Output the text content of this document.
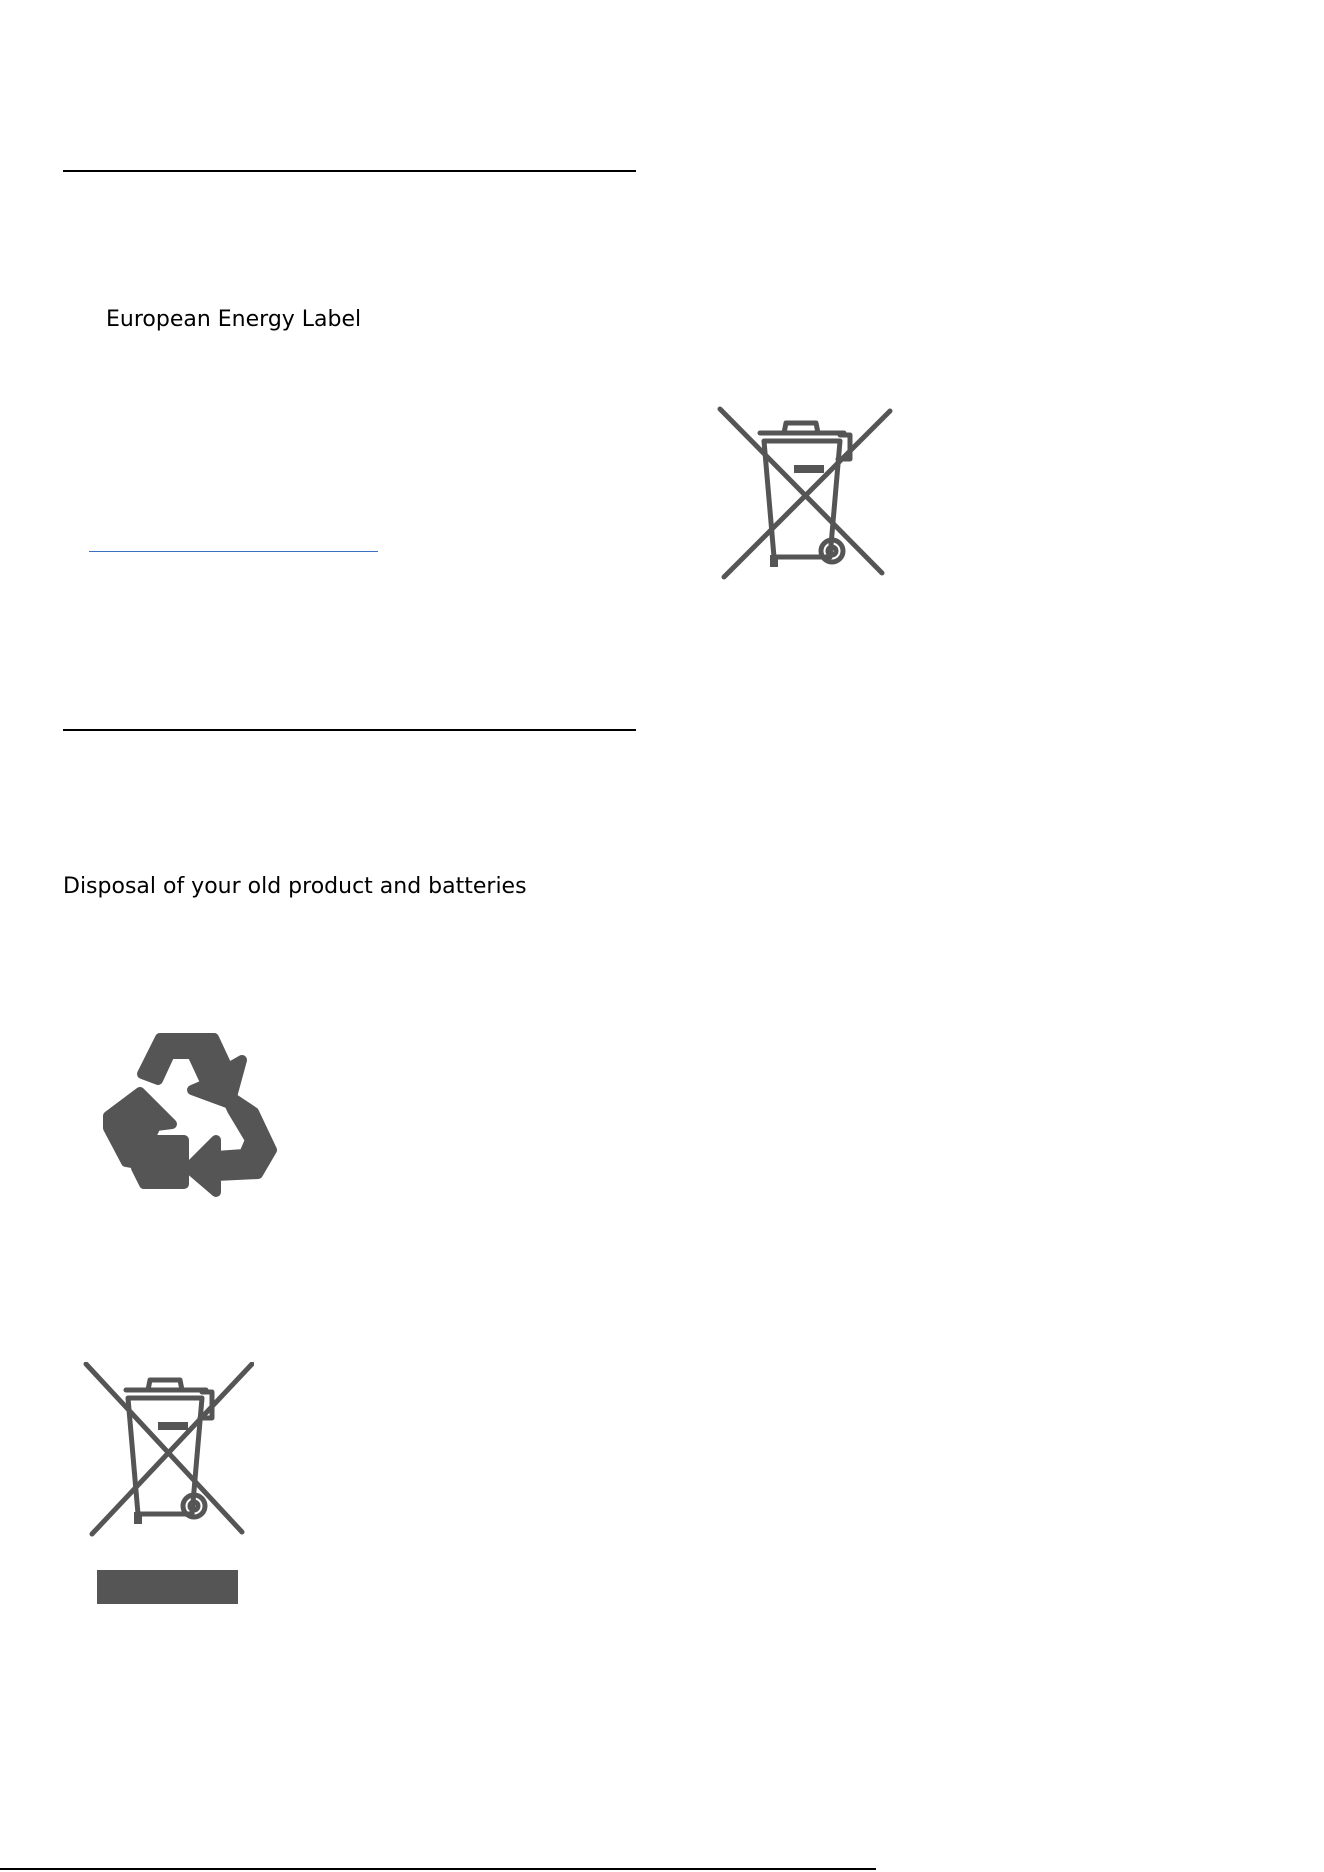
European Energy Label
Disposal of your old product and batteries
